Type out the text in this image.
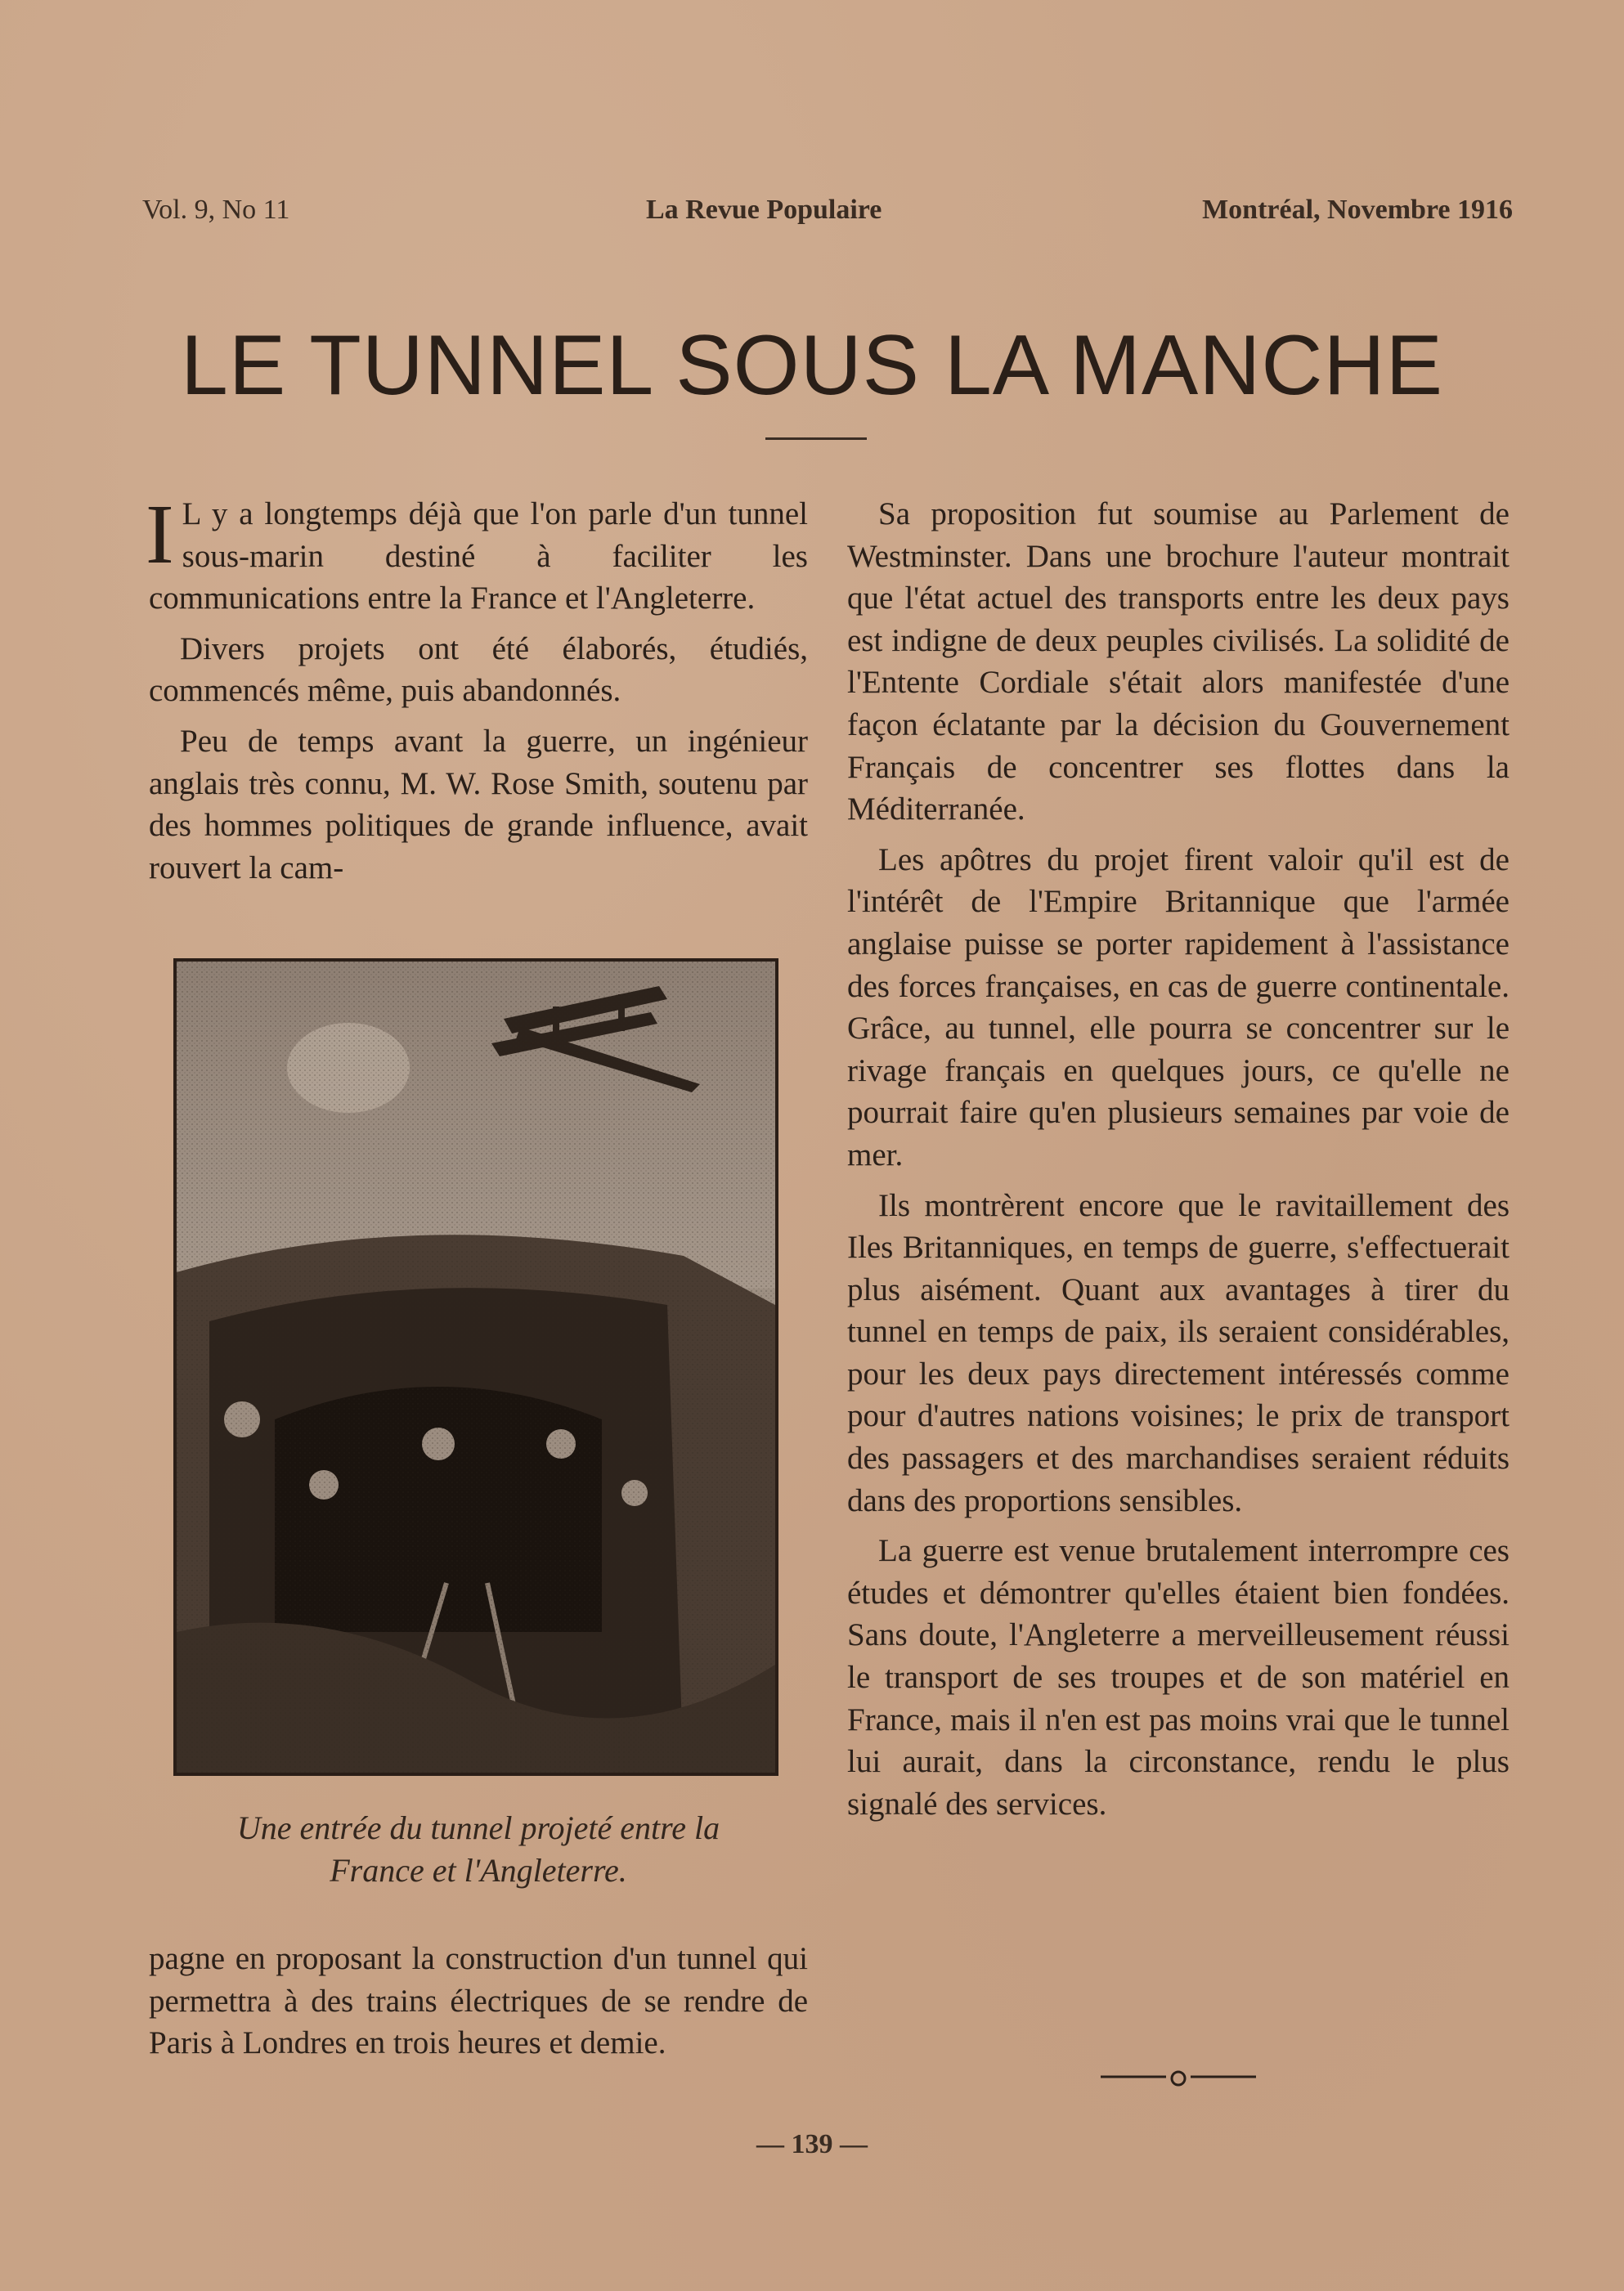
Vol. 9, No 11	La Revue Populaire	Montréal, Novembre 1916
LE TUNNEL SOUS LA MANCHE

I L y a longtemps déjà que l'on parle d'un tunnel sous-marin destiné à faciliter les communications entre la France et l'Angleterre.

Divers projets ont été élaborés, étudiés, commencés même, puis abandonnés.

Peu de temps avant la guerre, un ingénieur anglais très connu, M. W. Rose Smith, soutenu par des hommes politiques de grande influence, avait rouvert la cam-

Une entrée du tunnel projeté entre la
France et l'Angleterre.

pagne en proposant la construction d'un tunnel qui permettra à des trains électriques de se rendre de Paris à Londres en trois heures et demie.

Sa proposition fut soumise au Parlement de Westminster. Dans une brochure l'auteur montrait que l'état actuel des transports entre les deux pays est indigne de deux peuples civilisés. La solidité de l'Entente Cordiale s'était alors manifestée d'une façon éclatante par la décision du Gouvernement Français de concentrer ses flottes dans la Méditerranée.

Les apôtres du projet firent valoir qu'il est de l'intérêt de l'Empire Britannique que l'armée anglaise puisse se porter rapidement à l'assistance des forces françaises, en cas de guerre continentale. Grâce, au tunnel, elle pourra se concentrer sur le rivage français en quelques jours, ce qu'elle ne pourrait faire qu'en plusieurs semaines par voie de mer.

Ils montrèrent encore que le ravitaillement des Iles Britanniques, en temps de guerre, s'effectuerait plus aisément. Quant aux avantages à tirer du tunnel en temps de paix, ils seraient considérables, pour les deux pays directement intéressés comme pour d'autres nations voisines; le prix de transport des passagers et des marchandises seraient réduits dans des proportions sensibles.

La guerre est venue brutalement interrompre ces études et démontrer qu'elles étaient bien fondées. Sans doute, l'Angleterre a merveilleusement réussi le transport de ses troupes et de son matériel en France, mais il n'en est pas moins vrai que le tunnel lui aurait, dans la circonstance, rendu le plus signalé des services.

— 139 —
